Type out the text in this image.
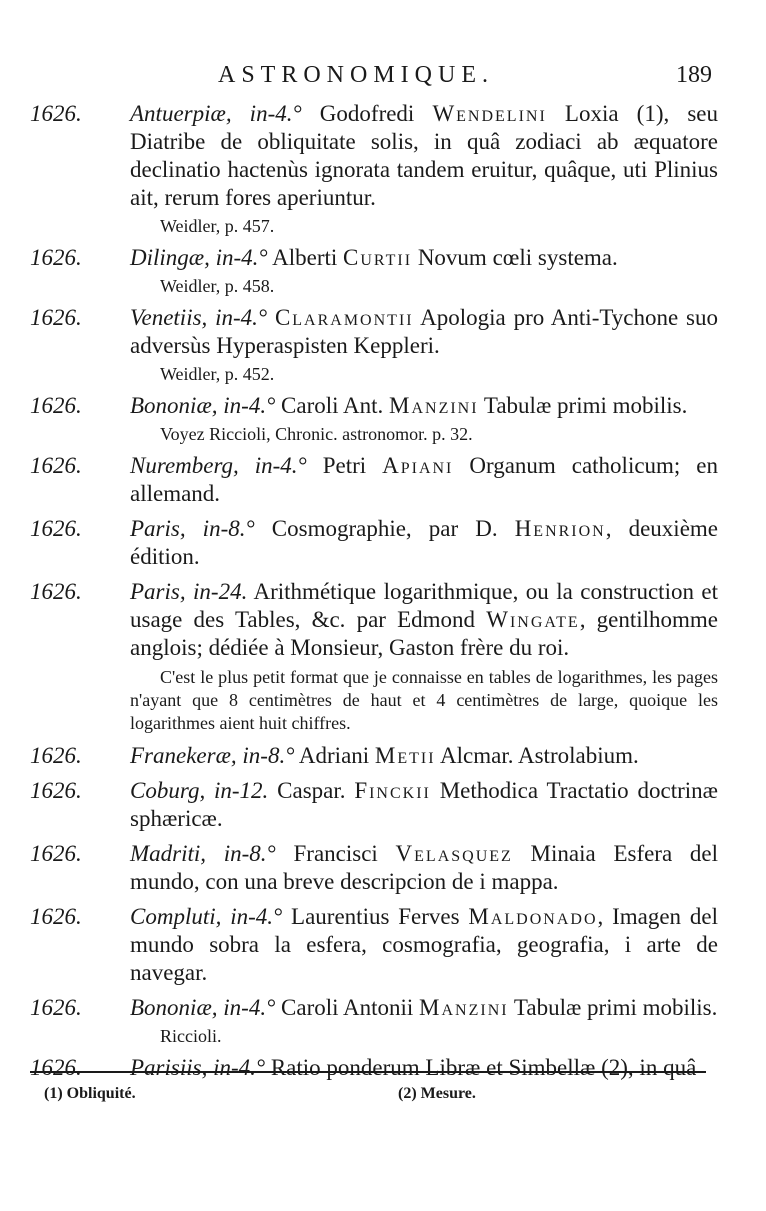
ASTRONOMIQUE.	189
1626.	Antuerpiæ, in-4.° Godofredi Wendelini Loxia (1), seu Diatribe de obliquitate solis, in quâ zodiaci ab æquatore declinatio hactenùs ignorata tandem eruitur, quâque, uti Plinius ait, rerum fores aperiuntur.
Weidler, p. 457.
1626.	Dilingæ, in-4.° Alberti Curtii Novum cœli systema.
Weidler, p. 458.
1626.	Venetiis, in-4.° Claramontii Apologia pro Anti-Tychone suo adversùs Hyperaspisten Keppleri.
Weidler, p. 452.
1626.	Bononiæ, in-4.° Caroli Ant. Manzini Tabulæ primi mobilis.
Voyez Riccioli, Chronic. astronomor. p. 32.
1626.	Nuremberg, in-4.° Petri Apiani Organum catholicum; en allemand.
1626.	Paris, in-8.° Cosmographie, par D. Henrion, deuxième édition.
1626.	Paris, in-24. Arithmétique logarithmique, ou la construction et usage des Tables, &c. par Edmond Wingate, gentilhomme anglois; dédiée à Monsieur, Gaston frère du roi.
C'est le plus petit format que je connaisse en tables de logarithmes, les pages n'ayant que 8 centimètres de haut et 4 centimètres de large, quoique les logarithmes aient huit chiffres.
1626.	Franekeræ, in-8.° Adriani Metii Alcmar. Astrolabium.
1626.	Coburg, in-12. Caspar. Finckii Methodica Tractatio doctrinæ sphæricæ.
1626.	Madriti, in-8.° Francisci Velasquez Minaia Esfera del mundo, con una breve descripcion de i mappa.
1626.	Compluti, in-4.° Laurentius Ferves Maldonado, Imagen del mundo sobra la esfera, cosmografia, geografia, i arte de navegar.
1626.	Bononiæ, in-4.° Caroli Antonii Manzini Tabulæ primi mobilis.
Riccioli.
1626.	Parisiis, in-4.° Ratio ponderum Libræ et Simbellæ (2), in quâ
(1) Obliquité.	(2) Mesure.
